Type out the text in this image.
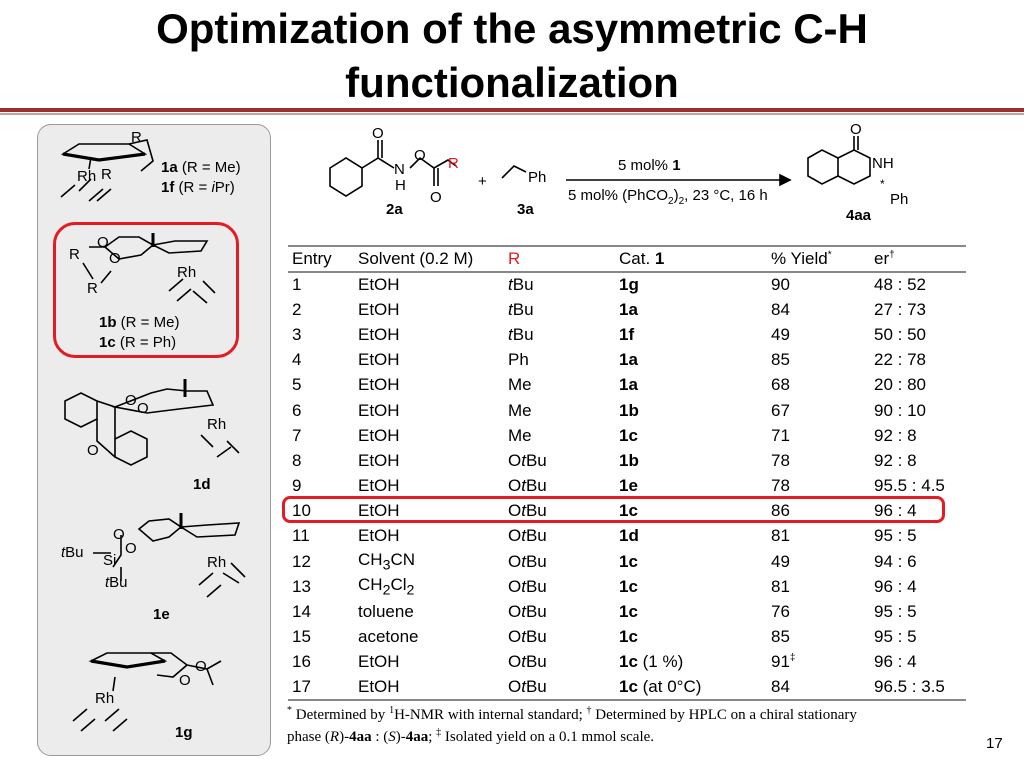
Optimization of the asymmetric C-H
functionalization
R
Rh R	1a (R = Me)
1f (R = iPr)
O
O
R
R
Rh
1b (R = Me)
1c (R = Ph)
O O
O
Rh
1d
O
O
Si
tBu
tBu
Rh
1e
O
O
Rh
1g
N
H
O
O
O
R
2a
+	Ph
3a
5 mol% 1
5 mol% $(PhCO_2)_2$, 23 °C, 16 h
O
NH
*
Ph
4aa
Entry	Solvent (0.2 M)	R	Cat. 1	% Yield*	er†
1	EtOH	tBu	1g	90	48 : 52
2	EtOH	tBu	1a	84	27 : 73
3	EtOH	tBu	1f	49	50 : 50
4	EtOH	Ph	1a	85	22 : 78
5	EtOH	Me	1a	68	20 : 80
6	EtOH	Me	1b	67	90 : 10
7	EtOH	Me	1c	71	92 : 8
8	EtOH	OtBu	1b	78	92 : 8
9	EtOH	OtBu	1e	78	95.5 : 4.5
10	EtOH	OtBu	1c	86	96 : 4
11	EtOH	OtBu	1d	81	95 : 5
12	$CH_3CN$	OtBu	1c	49	94 : 6
13	$CH_2Cl_2$	OtBu	1c	81	96 : 4
14	toluene	OtBu	1c	76	95 : 5
15	acetone	OtBu	1c	85	95 : 5
16	EtOH	OtBu	1c (1 %)	91‡	96 : 4
17	EtOH	OtBu	1c (at 0°C)	84	96.5 : 3.5
* Determined by $^1$H-NMR with internal standard; † Determined by HPLC on a chiral stationary
phase (R)-4aa : (S)-4aa; ‡ Isolated yield on a 0.1 mmol scale.	17
